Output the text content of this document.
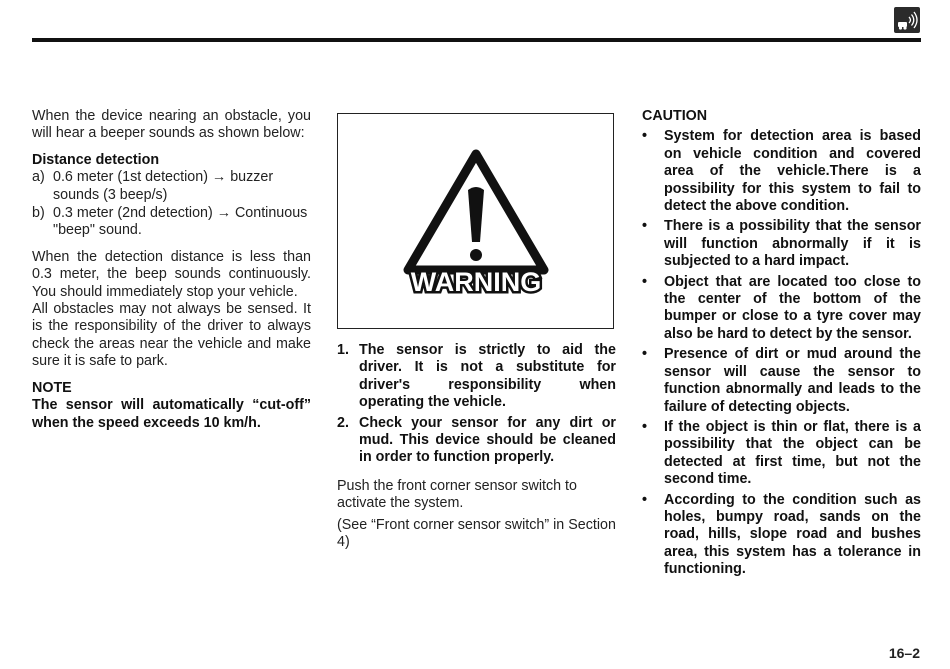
When the device nearing an obstacle, you will hear a beeper sounds as shown below:

Distance detection

a) 0.6 meter (1st detection) → buzzer sounds (3 beep/s)
b) 0.3 meter (2nd detection) → Continuous "beep" sound.

When the detection distance is less than 0.3 meter, the beep sounds continuously. You should immediately stop your vehicle.

All obstacles may not always be sensed. It is the responsibility of the driver to always check the areas near the vehicle and make sure it is safe to park.

NOTE

The sensor will automatically “cut-off” when the speed exceeds 10 km/h.

WARNING
1. The sensor is strictly to aid the driver. It is not a substitute for driver's responsibility when operating the vehicle.
2. Check your sensor for any dirt or mud. This device should be cleaned in order to function properly.

Push the front corner sensor switch to activate the system.

(See “Front corner sensor switch” in Section 4)

CAUTION

•	System for detection area is based on vehicle condition and covered area of the vehicle.There is a possibility for this system to fail to detect the above condition.
•	There is a possibility that the sensor will function abnormally if it is subjected to a hard impact.
•	Object that are located too close to the center of the bottom of the bumper or close to a tyre cover may also be hard to detect by the sensor.
•	Presence of dirt or mud around the sensor will cause the sensor to function abnormally and leads to the failure of detecting objects.
•	If the object is thin or flat, there is a possibility that the object can be detected at first time, but not the second time.
•	According to the condition such as holes, bumpy road, sands on the road, hills, slope road and bushes area, this system has a tolerance in functioning.
16–2
